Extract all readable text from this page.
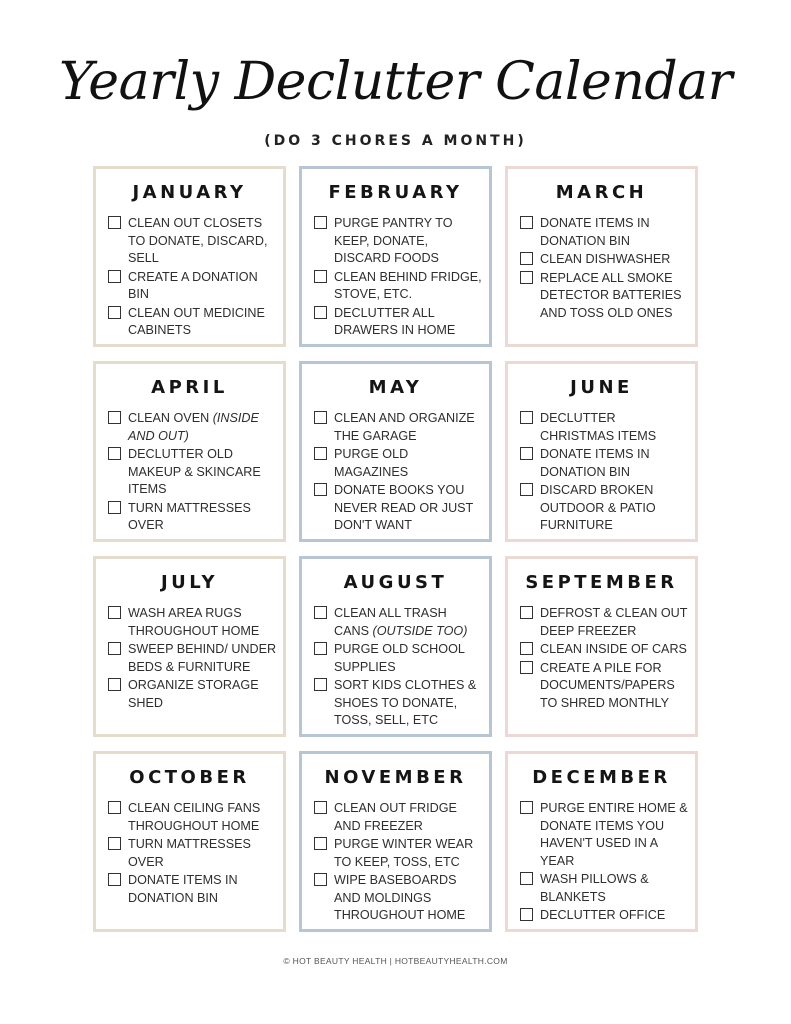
Yearly Declutter Calendar
(DO 3 CHORES A MONTH)
JANUARY
CLEAN OUT CLOSETS TO DONATE, DISCARD, SELL
CREATE A DONATION BIN
CLEAN OUT MEDICINE CABINETS
FEBRUARY
PURGE PANTRY TO KEEP, DONATE, DISCARD FOODS
CLEAN BEHIND FRIDGE, STOVE, ETC.
DECLUTTER ALL DRAWERS IN HOME
MARCH
DONATE ITEMS IN DONATION BIN
CLEAN DISHWASHER
REPLACE ALL SMOKE DETECTOR BATTERIES AND TOSS OLD ONES
APRIL
CLEAN OVEN (INSIDE AND OUT)
DECLUTTER OLD MAKEUP & SKINCARE ITEMS
TURN MATTRESSES OVER
MAY
CLEAN AND ORGANIZE THE GARAGE
PURGE OLD MAGAZINES
DONATE BOOKS YOU NEVER READ OR JUST DON'T WANT
JUNE
DECLUTTER CHRISTMAS ITEMS
DONATE ITEMS IN DONATION BIN
DISCARD BROKEN OUTDOOR & PATIO FURNITURE
JULY
WASH AREA RUGS THROUGHOUT HOME
SWEEP BEHIND/ UNDER BEDS & FURNITURE
ORGANIZE STORAGE SHED
AUGUST
CLEAN ALL TRASH CANS (OUTSIDE TOO)
PURGE OLD SCHOOL SUPPLIES
SORT KIDS CLOTHES & SHOES TO DONATE, TOSS, SELL, ETC
SEPTEMBER
DEFROST & CLEAN OUT DEEP FREEZER
CLEAN INSIDE OF CARS
CREATE A PILE FOR DOCUMENTS/PAPERS TO SHRED MONTHLY
OCTOBER
CLEAN CEILING FANS THROUGHOUT HOME
TURN MATTRESSES OVER
DONATE ITEMS IN DONATION BIN
NOVEMBER
CLEAN OUT FRIDGE AND FREEZER
PURGE WINTER WEAR TO KEEP, TOSS, ETC
WIPE BASEBOARDS AND MOLDINGS THROUGHOUT HOME
DECEMBER
PURGE ENTIRE HOME & DONATE ITEMS YOU HAVEN'T USED IN A YEAR
WASH PILLOWS & BLANKETS
DECLUTTER OFFICE
© HOT BEAUTY HEALTH | HOTBEAUTYHEALTH.COM
